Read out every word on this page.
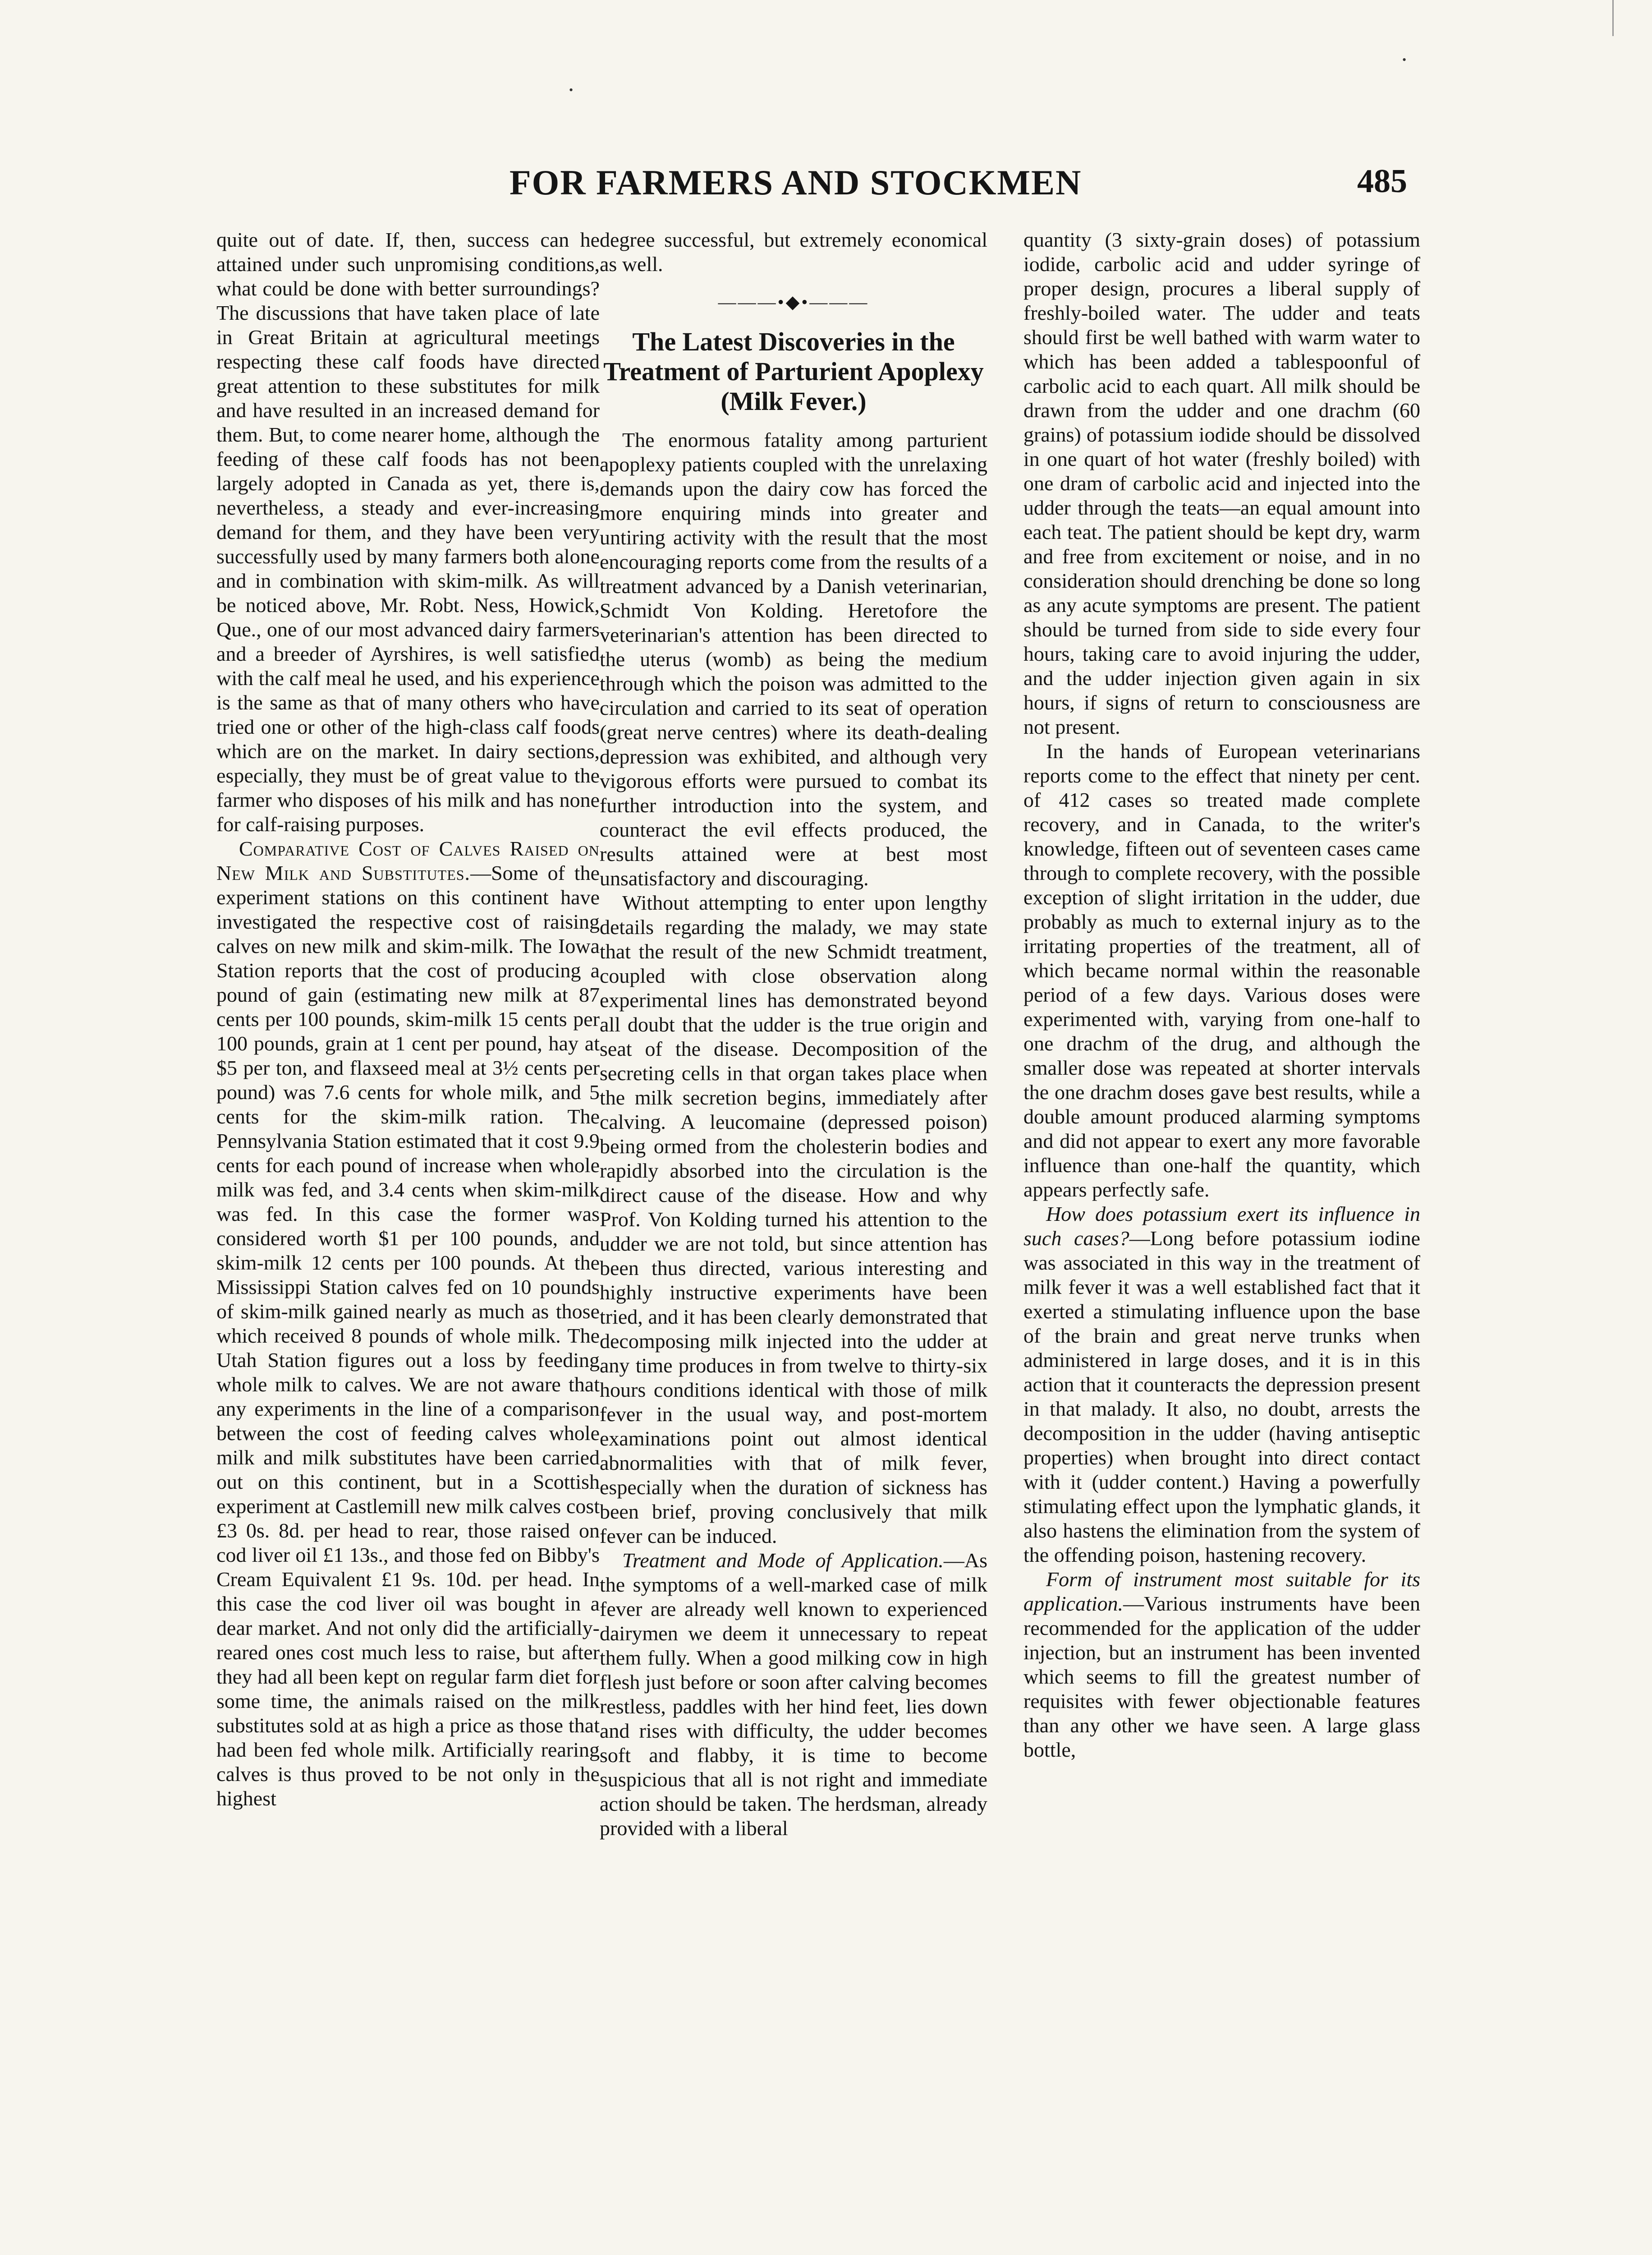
•
•
FOR FARMERS AND STOCKMEN	485

quite out of date. If, then, success can he attained under such unpromising conditions, what could be done with better surroundings? The discussions that have taken place of late in Great Britain at agricultural meetings respecting these calf foods have directed great attention to these substitutes for milk and have resulted in an increased demand for them. But, to come nearer home, although the feeding of these calf foods has not been largely adopted in Canada as yet, there is, nevertheless, a steady and ever-increasing demand for them, and they have been very successfully used by many farmers both alone and in combination with skim-milk. As will be noticed above, Mr. Robt. Ness, Howick, Que., one of our most advanced dairy farmers and a breeder of Ayrshires, is well satisfied with the calf meal he used, and his experience is the same as that of many others who have tried one or other of the high-class calf foods which are on the market. In dairy sections, especially, they must be of great value to the farmer who disposes of his milk and has none for calf-raising purposes.

Comparative Cost of Calves Raised on New Milk and Substitutes.—Some of the experiment stations on this continent have investigated the respective cost of raising calves on new milk and skim-milk. The Iowa Station reports that the cost of producing a pound of gain (estimating new milk at 87 cents per 100 pounds, skim-milk 15 cents per 100 pounds, grain at 1 cent per pound, hay at $5 per ton, and flaxseed meal at 3½ cents per pound) was 7.6 cents for whole milk, and 5 cents for the skim-milk ration. The Pennsylvania Station estimated that it cost 9.9 cents for each pound of increase when whole milk was fed, and 3.4 cents when skim-milk was fed. In this case the former was considered worth $1 per 100 pounds, and skim-milk 12 cents per 100 pounds. At the Mississippi Station calves fed on 10 pounds of skim-milk gained nearly as much as those which received 8 pounds of whole milk. The Utah Station figures out a loss by feeding whole milk to calves. We are not aware that any experiments in the line of a comparison between the cost of feeding calves whole milk and milk substitutes have been carried out on this continent, but in a Scottish experiment at Castlemill new milk calves cost £3 0s. 8d. per head to rear, those raised on cod liver oil £1 13s., and those fed on Bibby's Cream Equivalent £1 9s. 10d. per head. In this case the cod liver oil was bought in a dear market. And not only did the artificially-reared ones cost much less to raise, but after they had all been kept on regular farm diet for some time, the animals raised on the milk substitutes sold at as high a price as those that had been fed whole milk. Artificially rearing calves is thus proved to be not only in the highest

degree successful, but extremely economical as well.

———•◆•———
The Latest Discoveries in the Treatment of Parturient Apoplexy (Milk Fever.)

The enormous fatality among parturient apoplexy patients coupled with the unrelaxing demands upon the dairy cow has forced the more enquiring minds into greater and untiring activity with the result that the most encouraging reports come from the results of a treatment advanced by a Danish veterinarian, Schmidt Von Kolding. Heretofore the veterinarian's attention has been directed to the uterus (womb) as being the medium through which the poison was admitted to the circulation and carried to its seat of operation (great nerve centres) where its death-dealing depression was exhibited, and although very vigorous efforts were pursued to combat its further introduction into the system, and counteract the evil effects produced, the results attained were at best most unsatisfactory and discouraging.

Without attempting to enter upon lengthy details regarding the malady, we may state that the result of the new Schmidt treatment, coupled with close observation along experimental lines has demonstrated beyond all doubt that the udder is the true origin and seat of the disease. Decomposition of the secreting cells in that organ takes place when the milk secretion begins, immediately after calving. A leucomaine (depressed poison) being ormed from the cholesterin bodies and rapidly absorbed into the circulation is the direct cause of the disease. How and why Prof. Von Kolding turned his attention to the udder we are not told, but since attention has been thus directed, various interesting and highly instructive experiments have been tried, and it has been clearly demonstrated that decomposing milk injected into the udder at any time produces in from twelve to thirty-six hours conditions identical with those of milk fever in the usual way, and post-mortem examinations point out almost identical abnormalities with that of milk fever, especially when the duration of sickness has been brief, proving conclusively that milk fever can be induced.

Treatment and Mode of Application.—As the symptoms of a well-marked case of milk fever are already well known to experienced dairymen we deem it unnecessary to repeat them fully. When a good milking cow in high flesh just before or soon after calving becomes restless, paddles with her hind feet, lies down and rises with difficulty, the udder becomes soft and flabby, it is time to become suspicious that all is not right and immediate action should be taken. The herdsman, already provided with a liberal

quantity (3 sixty-grain doses) of potassium iodide, carbolic acid and udder syringe of proper design, procures a liberal supply of freshly-boiled water. The udder and teats should first be well bathed with warm water to which has been added a tablespoonful of carbolic acid to each quart. All milk should be drawn from the udder and one drachm (60 grains) of potassium iodide should be dissolved in one quart of hot water (freshly boiled) with one dram of carbolic acid and injected into the udder through the teats—an equal amount into each teat. The patient should be kept dry, warm and free from excitement or noise, and in no consideration should drenching be done so long as any acute symptoms are present. The patient should be turned from side to side every four hours, taking care to avoid injuring the udder, and the udder injection given again in six hours, if signs of return to consciousness are not present.

In the hands of European veterinarians reports come to the effect that ninety per cent. of 412 cases so treated made complete recovery, and in Canada, to the writer's knowledge, fifteen out of seventeen cases came through to complete recovery, with the possible exception of slight irritation in the udder, due probably as much to external injury as to the irritating properties of the treatment, all of which became normal within the reasonable period of a few days. Various doses were experimented with, varying from one-half to one drachm of the drug, and although the smaller dose was repeated at shorter intervals the one drachm doses gave best results, while a double amount produced alarming symptoms and did not appear to exert any more favorable influence than one-half the quantity, which appears perfectly safe.

How does potassium exert its influence in such cases?—Long before potassium iodine was associated in this way in the treatment of milk fever it was a well established fact that it exerted a stimulating influence upon the base of the brain and great nerve trunks when administered in large doses, and it is in this action that it counteracts the depression present in that malady. It also, no doubt, arrests the decomposition in the udder (having antiseptic properties) when brought into direct contact with it (udder content.) Having a powerfully stimulating effect upon the lymphatic glands, it also hastens the elimination from the system of the offending poison, hastening recovery.

Form of instrument most suitable for its application.—Various instruments have been recommended for the application of the udder injection, but an instrument has been invented which seems to fill the greatest number of requisites with fewer objectionable features than any other we have seen. A large glass bottle,
